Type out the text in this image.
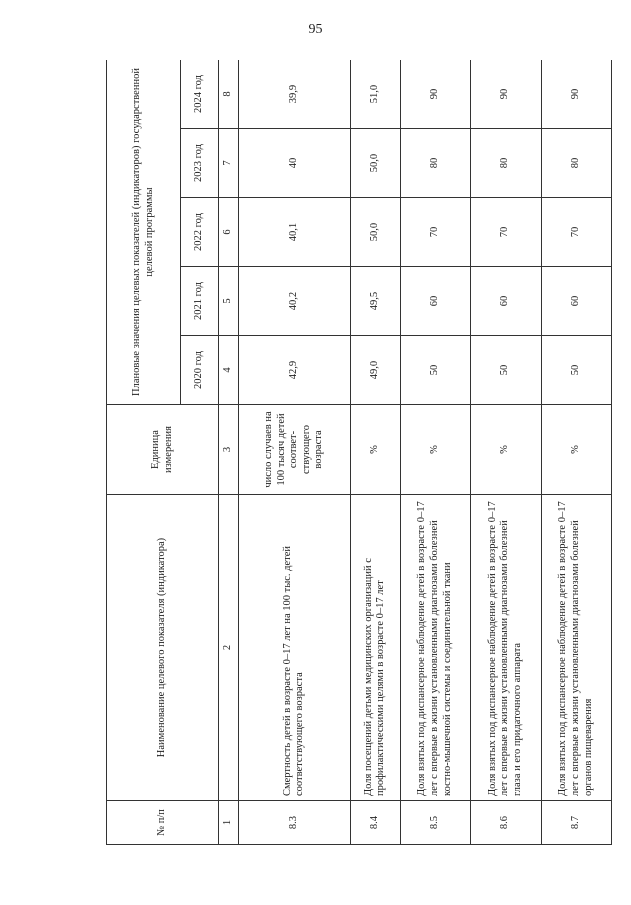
95
№ п/п	Наименование целевого показателя (индикатора)	Единица измерения	Плановые значения целевых показателей (индикаторов) государственной целевой программы				
			2020 год	2021 год	2022 год	2023 год	2024 год
1	2	3	4	5	6	7	8
8.3	Смертность детей в возрасте 0–17 лет на 100 тыс. детей соответствующего возраста	число случаев на 100 тысяч детей соответ-ствующего возраста	42,9	40,2	40,1	40	39,9
8.4	Доля посещений детьми медицинских организаций с профилактическими целями в возрасте 0–17 лет	%	49,0	49,5	50,0	50,0	51,0
8.5	Доля взятых под диспансерное наблюдение детей в возрасте 0–17 лет с впервые в жизни установленными диагнозами болезней костно-мышечной системы и соединительной ткани	%	50	60	70	80	90
8.6	Доля взятых под диспансерное наблюдение детей в возрасте 0–17 лет с впервые в жизни установленными диагнозами болезней глаза и его придаточного аппарата	%	50	60	70	80	90
8.7	Доля взятых под диспансерное наблюдение детей в возрасте 0–17 лет с впервые в жизни установленными диагнозами болезней органов пищеварения	%	50	60	70	80	90
